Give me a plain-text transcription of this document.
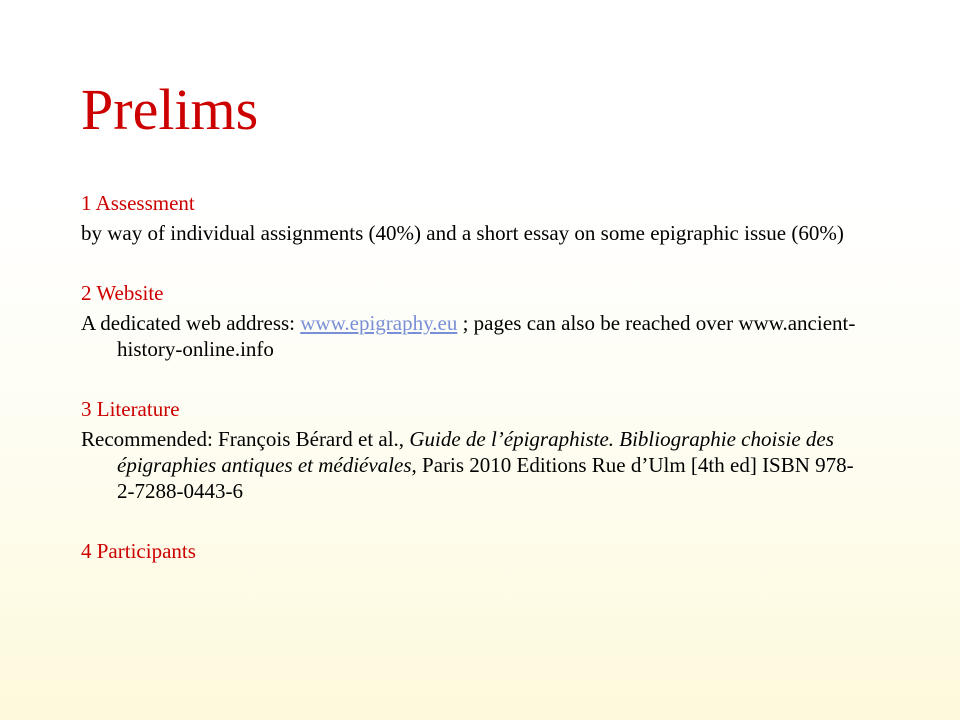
Prelims

1 Assessment

by way of individual assignments (40%) and a short essay on some epigraphic issue (60%)

2 Website

A dedicated web address: www.epigraphy.eu ; pages can also be reached over www.ancient-history-online.info

3 Literature

Recommended: François Bérard et al., Guide de l’épigraphiste. Bibliographie choisie des épigraphies antiques et médiévales, Paris 2010 Editions Rue d’Ulm [4th ed] ISBN 978-2-7288-0443-6

4 Participants
